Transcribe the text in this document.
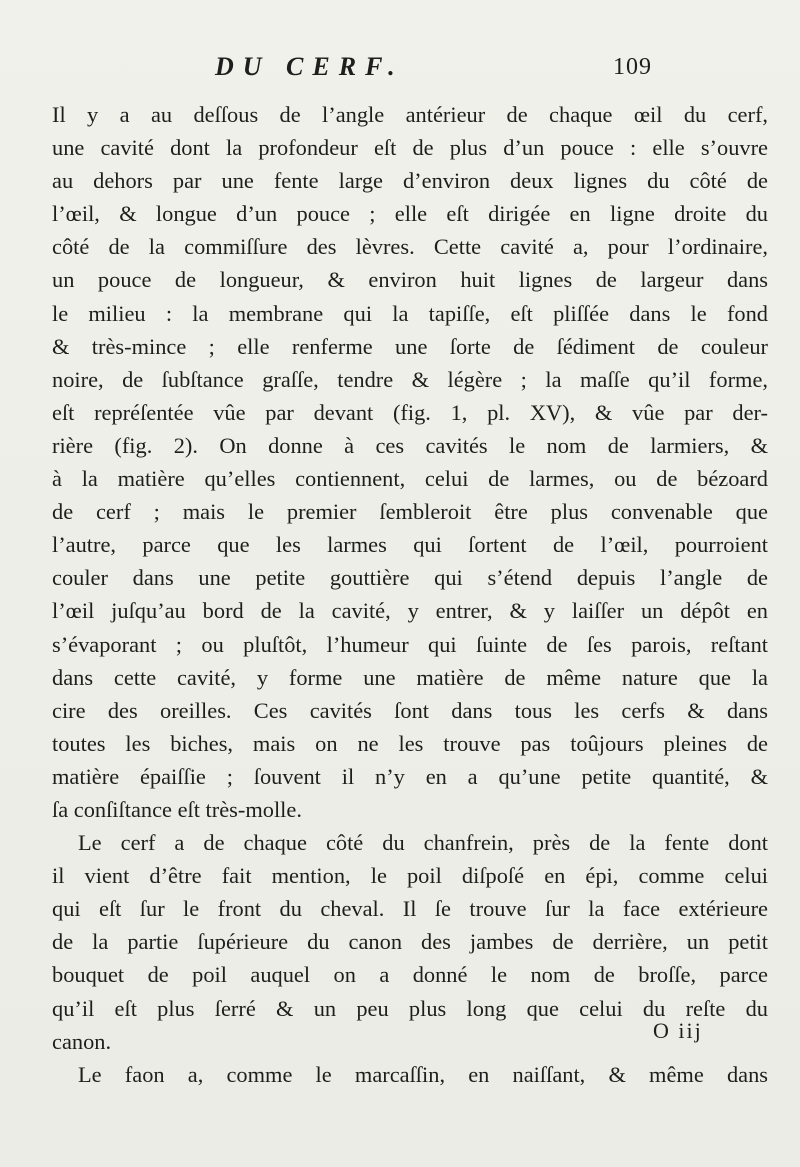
DU CERF.	109
Il y a au deſſous de l’angle antérieur de chaque œil du cerf,
une cavité dont la profondeur eſt de plus d’un pouce : elle s’ouvre
au dehors par une fente large d’environ deux lignes du côté de
l’œil, & longue d’un pouce ; elle eſt dirigée en ligne droite du
côté de la commiſſure des lèvres. Cette cavité a, pour l’ordinaire,
un pouce de longueur, & environ huit lignes de largeur dans
le milieu : la membrane qui la tapiſſe, eſt pliſſée dans le fond
& très-mince ; elle renferme une ſorte de ſédiment de couleur
noire, de ſubſtance graſſe, tendre & légère ; la maſſe qu’il forme,
eſt repréſentée vûe par devant (fig. 1, pl. XV), & vûe par der-
rière (fig. 2). On donne à ces cavités le nom de larmiers, &
à la matière qu’elles contiennent, celui de larmes, ou de bézoard
de cerf ; mais le premier ſembleroit être plus convenable que
l’autre, parce que les larmes qui ſortent de l’œil, pourroient
couler dans une petite gouttière qui s’étend depuis l’angle de
l’œil juſqu’au bord de la cavité, y entrer, & y laiſſer un dépôt en
s’évaporant ; ou pluſtôt, l’humeur qui ſuinte de ſes parois, reſtant
dans cette cavité, y forme une matière de même nature que la
cire des oreilles. Ces cavités ſont dans tous les cerfs & dans
toutes les biches, mais on ne les trouve pas toûjours pleines de
matière épaiſſie ; ſouvent il n’y en a qu’une petite quantité, &
ſa conſiſtance eſt très-molle.
Le cerf a de chaque côté du chanfrein, près de la fente dont
il vient d’être fait mention, le poil diſpoſé en épi, comme celui
qui eſt ſur le front du cheval. Il ſe trouve ſur la face extérieure
de la partie ſupérieure du canon des jambes de derrière, un petit
bouquet de poil auquel on a donné le nom de broſſe, parce
qu’il eſt plus ſerré & un peu plus long que celui du reſte du
canon.
Le faon a, comme le marcaſſin, en naiſſant, & même dans
O iij
